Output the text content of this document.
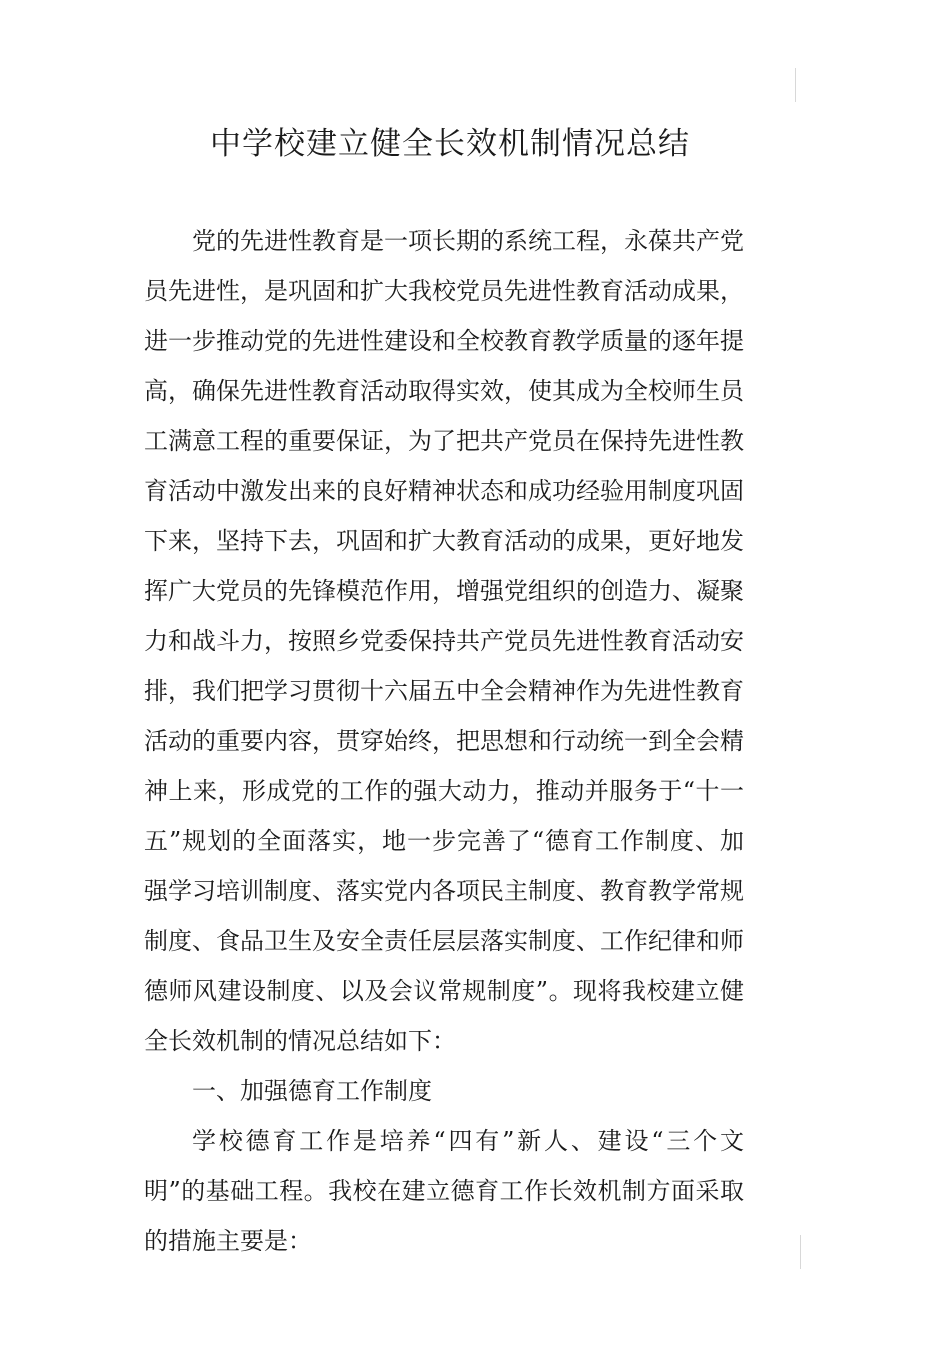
中学校建立健全长效机制情况总结

党的先进性教育是一项长期的系统工程，永葆共产党员先进性，是巩固和扩大我校党员先进性教育活动成果，进一步推动党的先进性建设和全校教育教学质量的逐年提高，确保先进性教育活动取得实效，使其成为全校师生员工满意工程的重要保证，为了把共产党员在保持先进性教育活动中激发出来的良好精神状态和成功经验用制度巩固下来，坚持下去，巩固和扩大教育活动的成果，更好地发挥广大党员的先锋模范作用，增强党组织的创造力、凝聚力和战斗力，按照乡党委保持共产党员先进性教育活动安排，我们把学习贯彻十六届五中全会精神作为先进性教育活动的重要内容，贯穿始终，把思想和行动统一到全会精神上来，形成党的工作的强大动力，推动并服务于“十一五”规划的全面落实，地一步完善了“德育工作制度、加强学习培训制度、落实党内各项民主制度、教育教学常规制度、食品卫生及安全责任层层落实制度、工作纪律和师德师风建设制度、以及会议常规制度”。现将我校建立健全长效机制的情况总结如下：

一、加强德育工作制度

学校德育工作是培养“四有”新人、建设“三个文明”的基础工程。我校在建立德育工作长效机制方面采取的措施主要是：
